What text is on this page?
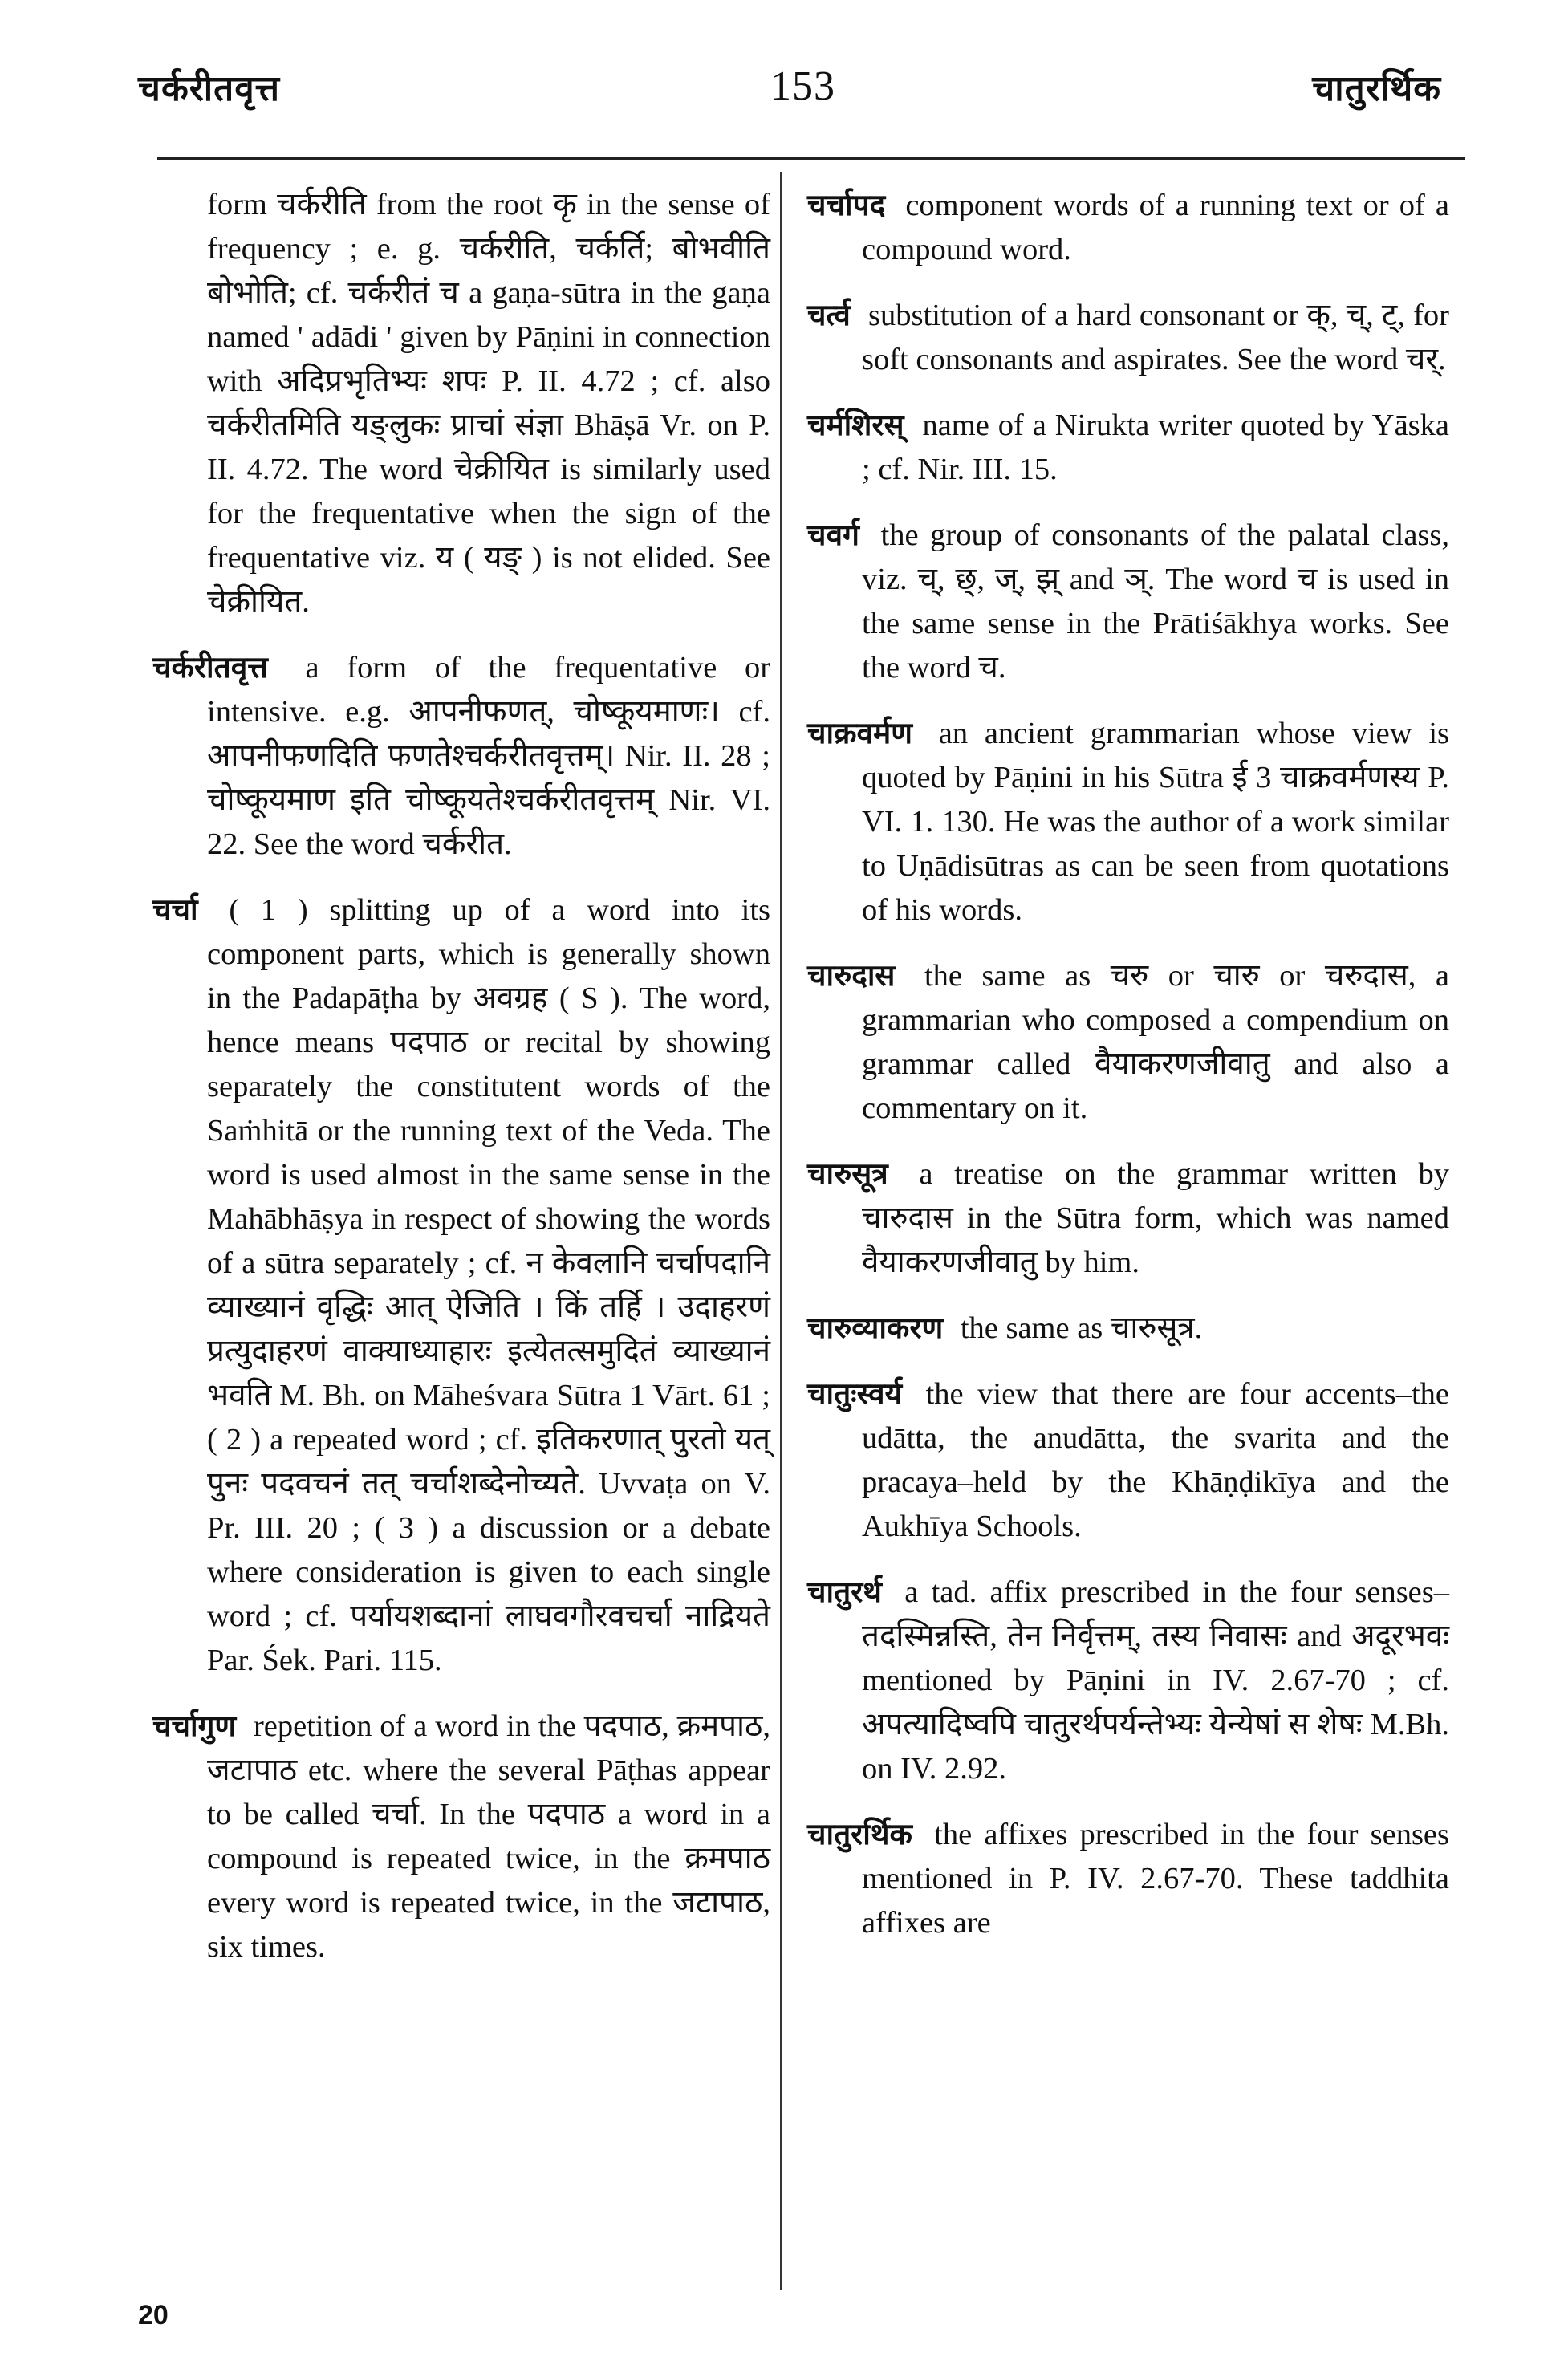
चर्करीतवृत्त	153	चातुरर्थिक

form चर्करीति from the root कृ in the sense of frequency ; e. g. चर्करीति, चर्कर्ति; बोभवीति बोभोति; cf. चर्करीतं च a gaṇa-sūtra in the gaṇa named ' adādi ' given by Pāṇini in connection with अदिप्रभृतिभ्यः शपः P. II. 4.72 ; cf. also चर्करीतमिति यङ्लुकः प्राचां संज्ञा Bhāṣā Vr. on P. II. 4.72. The word चेक्रीयित is similarly used for the frequentative when the sign of the frequentative viz. य ( यङ् ) is not elided. See चेक्रीयित.

चर्करीतवृत्त a form of the frequentative or intensive. e.g. आपनीफणत्, चोष्कूयमाणः। cf. आपनीफणदिति फणतेश्चर्करीतवृत्तम्। Nir. II. 28 ; चोष्कूयमाण इति चोष्कूयतेश्चर्करीतवृत्तम् Nir. VI. 22. See the word चर्करीत.

चर्चा ( 1 ) splitting up of a word into its component parts, which is generally shown in the Padapāṭha by अवग्रह ( S ). The word, hence means पदपाठ or recital by showing separately the constitutent words of the Saṁhitā or the running text of the Veda. The word is used almost in the same sense in the Mahābhāṣya in respect of showing the words of a sūtra separately ; cf. न केवलानि चर्चापदानि व्याख्यानं वृद्धिः आत् ऐजिति । किं तर्हि । उदाहरणं प्रत्युदाहरणं वाक्याध्याहारः इत्येतत्समुदितं व्याख्यानं भवति M. Bh. on Māheśvara Sūtra 1 Vārt. 61 ; ( 2 ) a repeated word ; cf. इतिकरणात् पुरतो यत् पुनः पदवचनं तत् चर्चाशब्देनोच्यते. Uvvaṭa on V. Pr. III. 20 ; ( 3 ) a discussion or a debate where consideration is given to each single word ; cf. पर्यायशब्दानां लाघवगौरवचर्चा नाद्रियते Par. Śek. Pari. 115.

चर्चागुण repetition of a word in the पदपाठ, क्रमपाठ, जटापाठ etc. where the several Pāṭhas appear to be called चर्चा. In the पदपाठ a word in a compound is repeated twice, in the क्रमपाठ every word is repeated twice, in the जटापाठ, six times.

चर्चापद component words of a running text or of a compound word.

चर्त्व substitution of a hard consonant or क्, च्, ट्, for soft consonants and aspirates. See the word चर्.

चर्मशिरस् name of a Nirukta writer quoted by Yāska ; cf. Nir. III. 15.

चवर्ग the group of consonants of the palatal class, viz. च्, छ्, ज्, झ् and ञ्. The word च is used in the same sense in the Prātiśākhya works. See the word च.

चाक्रवर्मण an ancient grammarian whose view is quoted by Pāṇini in his Sūtra ई 3 चाक्रवर्मणस्य P. VI. 1. 130. He was the author of a work similar to Uṇādisūtras as can be seen from quotations of his words.

चारुदास the same as चरु or चारु or चरुदास, a grammarian who composed a compendium on grammar called वैयाकरणजीवातु and also a commentary on it.

चारुसूत्र a treatise on the grammar written by चारुदास in the Sūtra form, which was named वैयाकरणजीवातु by him.

चारुव्याकरण the same as चारुसूत्र.

चातुःस्वर्य the view that there are four accents–the udātta, the anudātta, the svarita and the pracaya–held by the Khāṇḍikīya and the Aukhīya Schools.

चातुरर्थ a tad. affix prescribed in the four senses–तदस्मिन्नस्ति, तेन निर्वृत्तम्, तस्य निवासः and अदूरभवः mentioned by Pāṇini in IV. 2.67-70 ; cf. अपत्यादिष्वपि चातुरर्थपर्यन्तेभ्यः येन्येषां स शेषः M.Bh. on IV. 2.92.

चातुरर्थिक the affixes prescribed in the four senses mentioned in P. IV. 2.67-70. These taddhita affixes are

20
